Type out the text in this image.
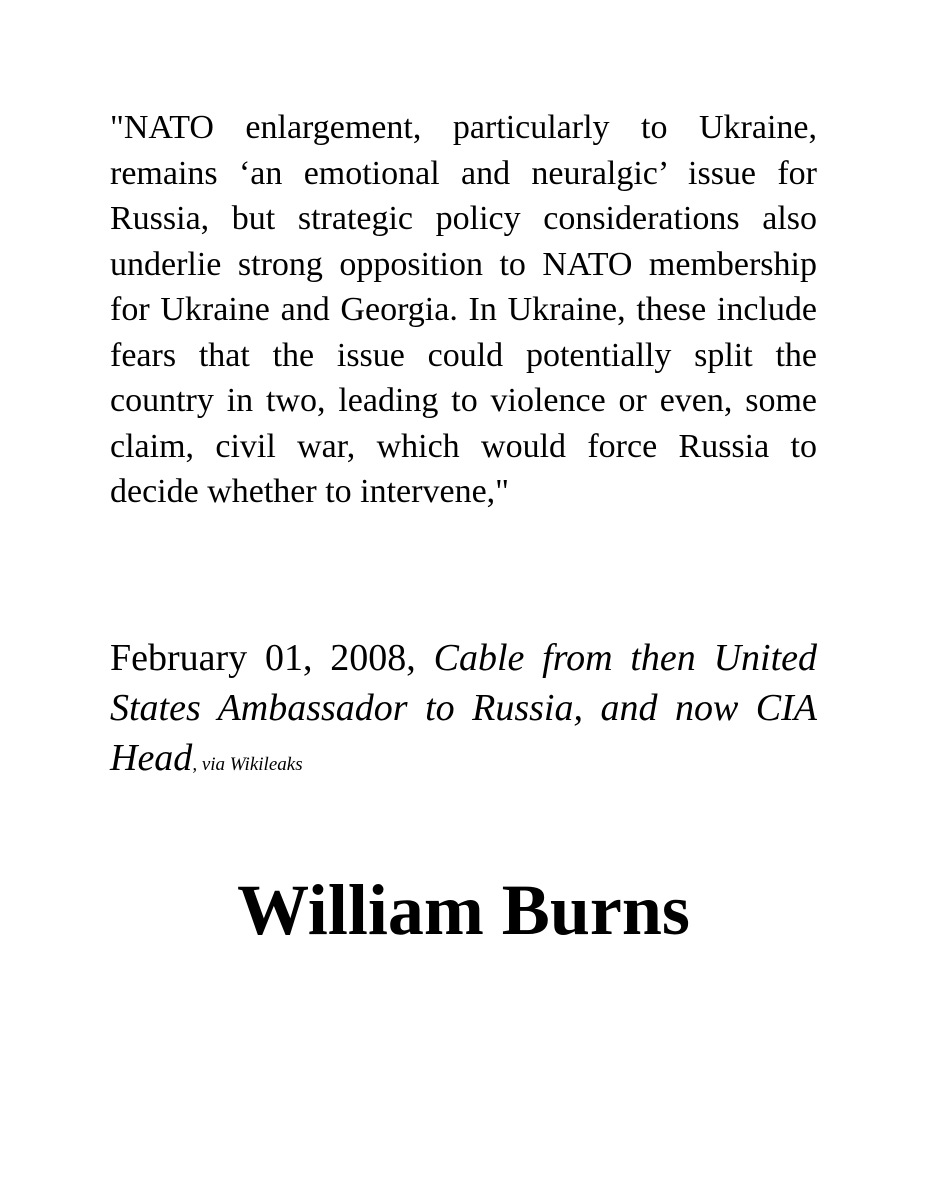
"NATO enlargement, particularly to Ukraine, remains ‘an emotional and neuralgic’ issue for Russia, but strategic policy considerations also underlie strong opposition to NATO membership for Ukraine and Georgia. In Ukraine, these include fears that the issue could potentially split the country in two, leading to violence or even, some claim, civil war, which would force Russia to decide whether to intervene,"

February 01, 2008, Cable from then United States Ambassador to Russia, and now CIA Head, via Wikileaks

William Burns
